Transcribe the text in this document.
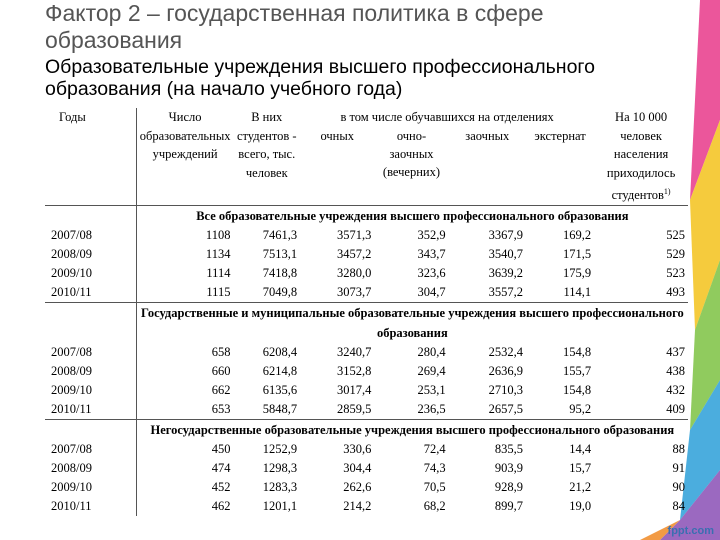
Фактор 2 – государственная политика в сфере образования
Образовательные учреждения высшего профессионального образования (на начало учебного года)
Годы	Число образовательных учреждений	В них студентов - всего, тыс. человек	в том числе обучавшихся на отделениях				На 10 000 человек населения приходилось студентов$^{1)}$
			очных	очно-заочных (вечерних)	заочных	экстернат	
	Все образовательные учреждения высшего профессионального образования						
2007/08	1108	7461,3	3571,3	352,9	3367,9	169,2	525
2008/09	1134	7513,1	3457,2	343,7	3540,7	171,5	529
2009/10	1114	7418,8	3280,0	323,6	3639,2	175,9	523
2010/11	1115	7049,8	3073,7	304,7	3557,2	114,1	493
	Государственные и муниципальные образовательные учреждения высшего профессионального образования						
2007/08	658	6208,4	3240,7	280,4	2532,4	154,8	437
2008/09	660	6214,8	3152,8	269,4	2636,9	155,7	438
2009/10	662	6135,6	3017,4	253,1	2710,3	154,8	432
2010/11	653	5848,7	2859,5	236,5	2657,5	95,2	409
	Негосударственные образовательные учреждения высшего профессионального образования						
2007/08	450	1252,9	330,6	72,4	835,5	14,4	88
2008/09	474	1298,3	304,4	74,3	903,9	15,7	91
2009/10	452	1283,3	262,6	70,5	928,9	21,2	90
2010/11	462	1201,1	214,2	68,2	899,7	19,0	84
fppt.com
